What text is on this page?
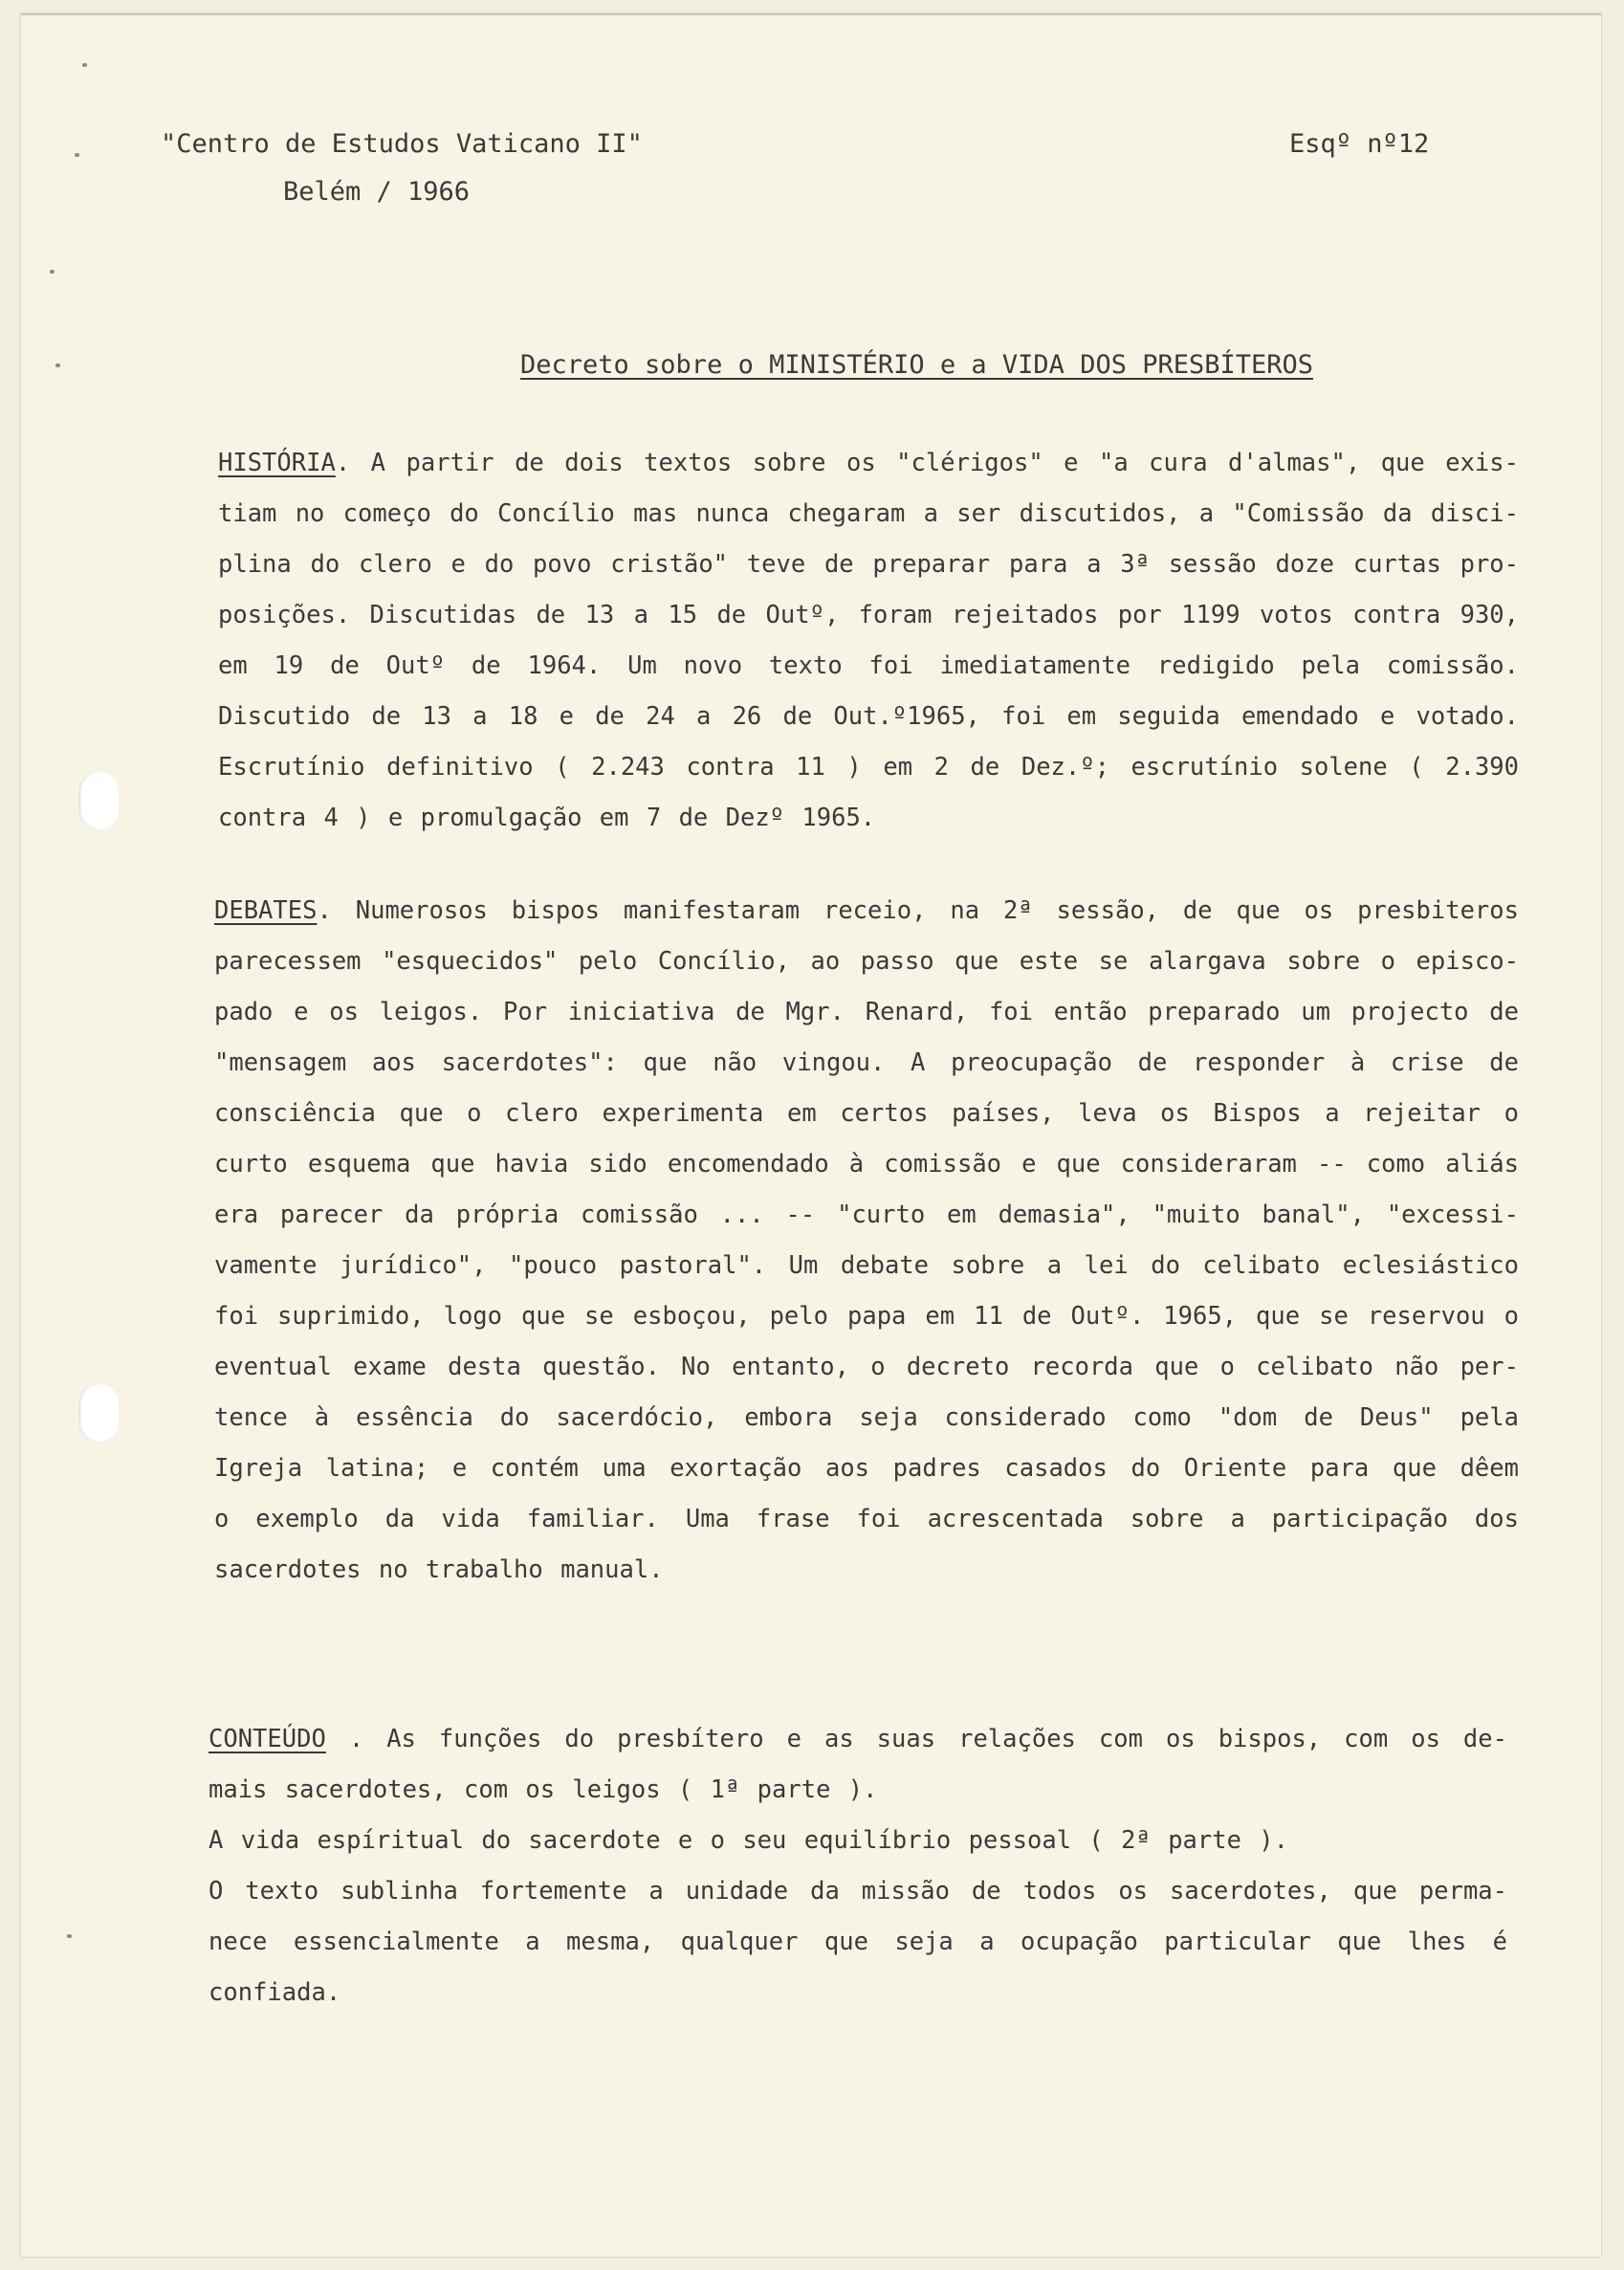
"Centro de Estudos Vaticano II"
Belém / 1966
Esqº nº12
Decreto sobre o MINISTÉRIO e a VIDA DOS PRESBÍTEROS
HISTÓRIA. A partir de dois textos sobre os "clérigos" e "a cura d'almas", que exis-
tiam no começo do Concílio mas nunca chegaram a ser discutidos, a "Comissão da disci-
plina do clero e do povo cristão" teve de preparar para a 3ª sessão doze curtas pro-
posições. Discutidas de 13 a 15 de Outº, foram rejeitados por 1199 votos contra 930,
em 19 de Outº de 1964. Um novo texto foi imediatamente redigido pela comissão.
Discutido de 13 a 18 e de 24 a 26 de Out.º1965, foi em seguida emendado e votado.
Escrutínio definitivo ( 2.243 contra 11 ) em 2 de Dez.º; escrutínio solene ( 2.390
contra 4 ) e promulgação em 7 de Dezº 1965.
DEBATES. Numerosos bispos manifestaram receio, na 2ª sessão, de que os presbiteros
parecessem "esquecidos" pelo Concílio, ao passo que este se alargava sobre o episco-
pado e os leigos. Por iniciativa de Mgr. Renard, foi então preparado um projecto de
"mensagem aos sacerdotes": que não vingou. A preocupação de responder à crise de
consciência que o clero experimenta em certos países, leva os Bispos a rejeitar o
curto esquema que havia sido encomendado à comissão e que consideraram -- como aliás
era parecer da própria comissão ... -- "curto em demasia", "muito banal", "excessi-
vamente jurídico", "pouco pastoral". Um debate sobre a lei do celibato eclesiástico
foi suprimido, logo que se esboçou, pelo papa em 11 de Outº. 1965, que se reservou o
eventual exame desta questão. No entanto, o decreto recorda que o celibato não per-
tence à essência do sacerdócio, embora seja considerado como "dom de Deus" pela
Igreja latina; e contém uma exortação aos padres casados do Oriente para que dêem
o exemplo da vida familiar. Uma frase foi acrescentada sobre a participação dos
sacerdotes no trabalho manual.
CONTEÚDO . As funções do presbítero e as suas relações com os bispos, com os de-
mais sacerdotes, com os leigos ( 1ª parte ).
A vida espíritual do sacerdote e o seu equilíbrio pessoal ( 2ª parte ).
O texto sublinha fortemente a unidade da missão de todos os sacerdotes, que perma-
nece essencialmente a mesma, qualquer que seja a ocupação particular que lhes é
confiada.
